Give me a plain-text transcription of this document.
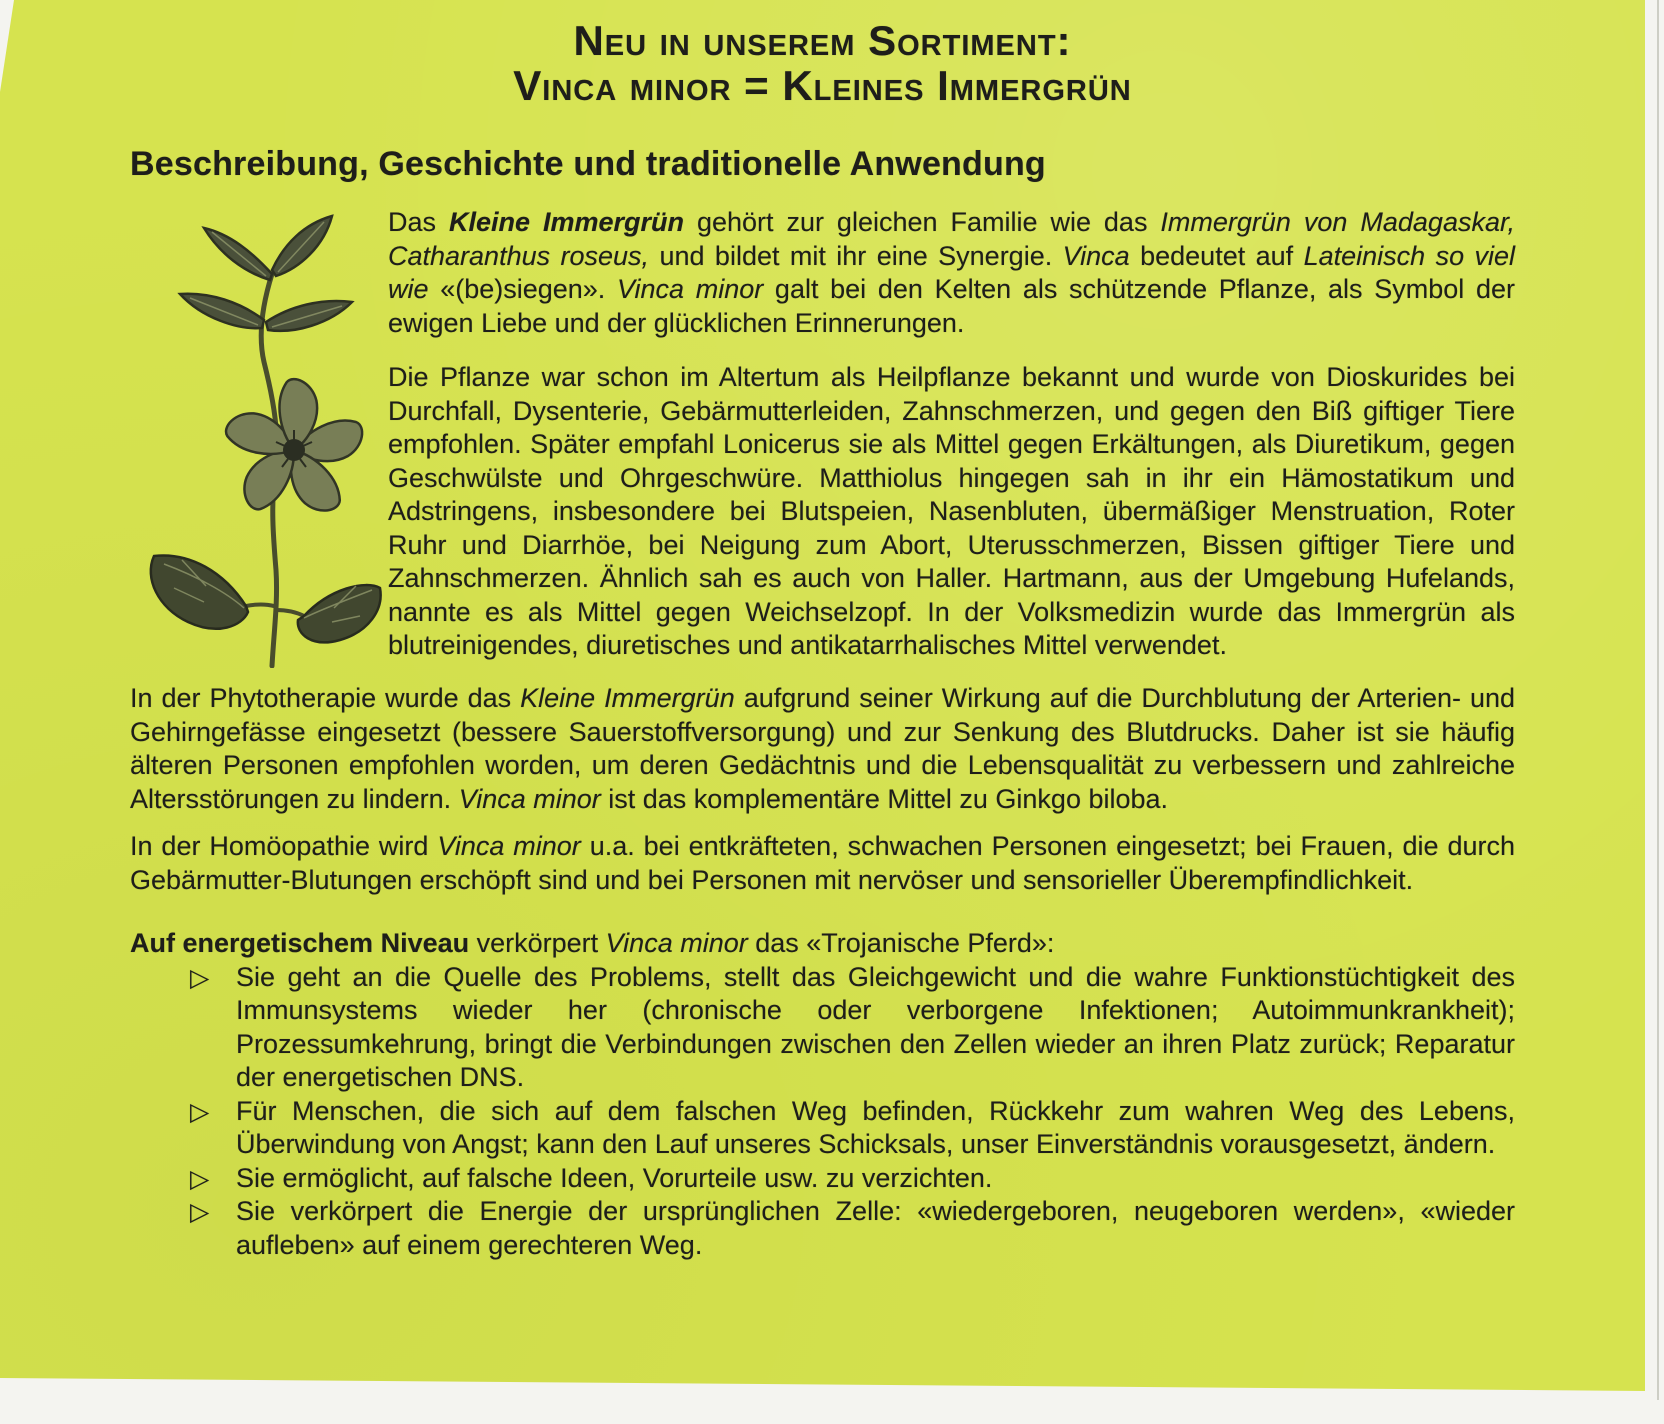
Neu in unserem Sortiment:
Vinca minor = Kleines Immergrün
Beschreibung, Geschichte und traditionelle Anwendung

Das Kleine Immergrün gehört zur gleichen Familie wie das Immergrün von Madagaskar, Catharanthus roseus, und bildet mit ihr eine Synergie. Vinca bedeutet auf Lateinisch so viel wie «(be)siegen». Vinca minor galt bei den Kelten als schützende Pflanze, als Symbol der ewigen Liebe und der glücklichen Erinnerungen.

Die Pflanze war schon im Altertum als Heilpflanze bekannt und wurde von Dioskurides bei Durchfall, Dysenterie, Gebärmutterleiden, Zahnschmerzen, und gegen den Biß giftiger Tiere empfohlen. Später empfahl Lonicerus sie als Mittel gegen Erkältungen, als Diuretikum, gegen Geschwülste und Ohrgeschwüre. Matthiolus hingegen sah in ihr ein Hämostatikum und Adstringens, insbesondere bei Blutspeien, Nasenbluten, übermäßiger Menstruation, Roter Ruhr und Diarrhöe, bei Neigung zum Abort, Uterusschmerzen, Bissen giftiger Tiere und Zahnschmerzen. Ähnlich sah es auch von Haller. Hartmann, aus der Umgebung Hufelands, nannte es als Mittel gegen Weichselzopf. In der Volksmedizin wurde das Immergrün als blutreinigendes, diuretisches und antikatarrhalisches Mittel verwendet.

In der Phytotherapie wurde das Kleine Immergrün aufgrund seiner Wirkung auf die Durchblutung der Arterien- und Gehirngefässe eingesetzt (bessere Sauerstoffversorgung) und zur Senkung des Blutdrucks. Daher ist sie häufig älteren Personen empfohlen worden, um deren Gedächtnis und die Lebensqualität zu verbessern und zahlreiche Altersstörungen zu lindern. Vinca minor ist das komplementäre Mittel zu Ginkgo biloba.

In der Homöopathie wird Vinca minor u.a. bei entkräfteten, schwachen Personen eingesetzt; bei Frauen, die durch Gebärmutter-Blutungen erschöpft sind und bei Personen mit nervöser und sensorieller Überempfindlichkeit.

Auf energetischem Niveau verkörpert Vinca minor das «Trojanische Pferd»:

▷ Sie geht an die Quelle des Problems, stellt das Gleichgewicht und die wahre Funktionstüchtigkeit des Immunsystems wieder her (chronische oder verborgene Infektionen; Autoimmunkrankheit); Prozessumkehrung, bringt die Verbindungen zwischen den Zellen wieder an ihren Platz zurück; Reparatur der energetischen DNS.
▷ Für Menschen, die sich auf dem falschen Weg befinden, Rückkehr zum wahren Weg des Lebens, Überwindung von Angst; kann den Lauf unseres Schicksals, unser Einverständnis vorausgesetzt, ändern.
▷ Sie ermöglicht, auf falsche Ideen, Vorurteile usw. zu verzichten.
▷ Sie verkörpert die Energie der ursprünglichen Zelle: «wiedergeboren, neugeboren werden», «wieder aufleben» auf einem gerechteren Weg.
